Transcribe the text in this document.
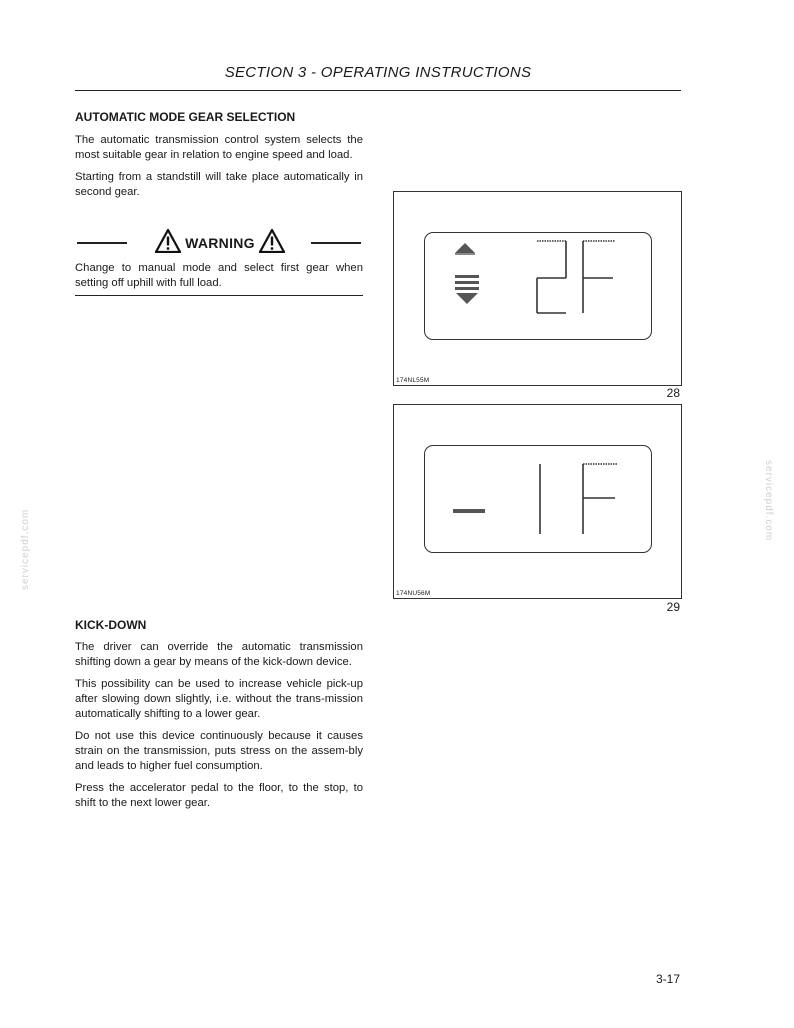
SECTION 3 - OPERATING INSTRUCTIONS
AUTOMATIC MODE GEAR SELECTION

The automatic transmission control system selects the most suitable gear in relation to engine speed and load.

Starting from a standstill will take place automatically in second gear.

WARNING
Change to manual mode and select first gear when setting off uphill with full load.
174NL55M
28
174NU56M
29
KICK-DOWN

The driver can override the automatic transmission shifting down a gear by means of the kick-down device.

This possibility can be used to increase vehicle pick-up after slowing down slightly, i.e. without the trans-mission automatically shifting to a lower gear.

Do not use this device continuously because it causes strain on the transmission, puts stress on the assem-bly and leads to higher fuel consumption.

Press the accelerator pedal to the floor, to the stop, to shift to the next lower gear.

servicepdf.com
servicepdf.com
3-17
